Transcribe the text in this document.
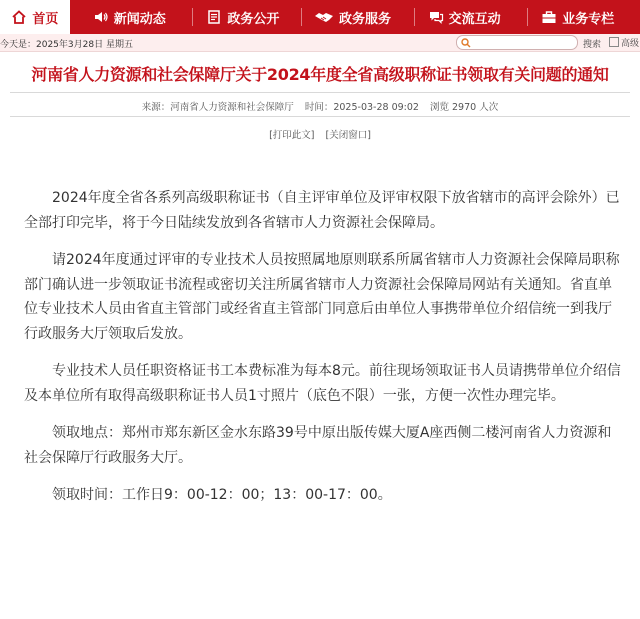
首页	新闻动态	政务公开	政务服务	交流互动	业务专栏
今天是：2025年3月28日 星期五	搜索 高级
河南省人力资源和社会保障厅关于2024年度全省高级职称证书领取有关问题的通知
来源：河南省人力资源和社会保障厅 时间：2025-03-28 09:02 浏览 2970 人次
[打印此文] [关闭窗口]

2024年度全省各系列高级职称证书（自主评审单位及评审权限下放省辖市的高评会除外）已全部打印完毕，将于今日陆续发放到各省辖市人力资源社会保障局。

请2024年度通过评审的专业技术人员按照属地原则联系所属省辖市人力资源社会保障局职称部门确认进一步领取证书流程或密切关注所属省辖市人力资源社会保障局网站有关通知。省直单位专业技术人员由省直主管部门或经省直主管部门同意后由单位人事携带单位介绍信统一到我厅行政服务大厅领取后发放。

专业技术人员任职资格证书工本费标准为每本8元。前往现场领取证书人员请携带单位介绍信及本单位所有取得高级职称证书人员1寸照片（底色不限）一张，方便一次性办理完毕。

领取地点：郑州市郑东新区金水东路39号中原出版传媒大厦A座西侧二楼河南省人力资源和社会保障厅行政服务大厅。

领取时间：工作日9：00-12：00；13：00-17：00。
